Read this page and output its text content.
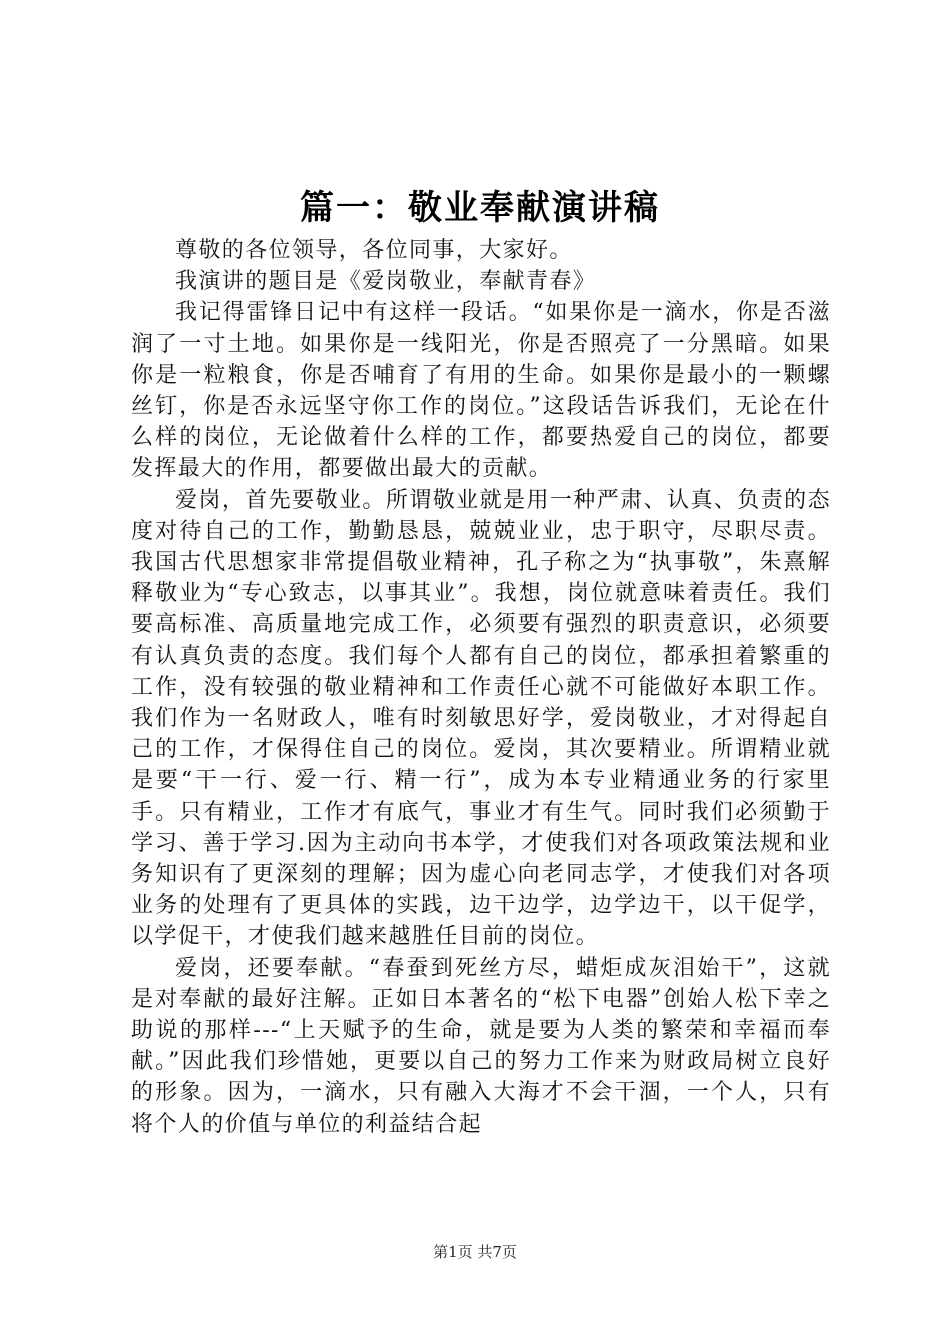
篇一：敬业奉献演讲稿

尊敬的各位领导，各位同事，大家好。

我演讲的题目是《爱岗敬业，奉献青春》

我记得雷锋日记中有这样一段话。“如果你是一滴水，你是否滋润了一寸土地。如果你是一线阳光，你是否照亮了一分黑暗。如果你是一粒粮食，你是否哺育了有用的生命。如果你是最小的一颗螺丝钉，你是否永远坚守你工作的岗位。”这段话告诉我们，无论在什么样的岗位，无论做着什么样的工作，都要热爱自己的岗位，都要发挥最大的作用，都要做出最大的贡献。

爱岗，首先要敬业。所谓敬业就是用一种严肃、认真、负责的态度对待自己的工作，勤勤恳恳，兢兢业业，忠于职守，尽职尽责。我国古代思想家非常提倡敬业精神，孔子称之为“执事敬”，朱熹解释敬业为“专心致志，以事其业”。我想，岗位就意味着责任。我们要高标准、高质量地完成工作，必须要有强烈的职责意识，必须要有认真负责的态度。我们每个人都有自己的岗位，都承担着繁重的工作，没有较强的敬业精神和工作责任心就不可能做好本职工作。我们作为一名财政人，唯有时刻敏思好学，爱岗敬业，才对得起自己的工作，才保得住自己的岗位。爱岗，其次要精业。所谓精业就是要“干一行、爱一行、精一行”，成为本专业精通业务的行家里手。只有精业，工作才有底气，事业才有生气。同时我们必须勤于学习、善于学习.因为主动向书本学，才使我们对各项政策法规和业务知识有了更深刻的理解；因为虚心向老同志学，才使我们对各项业务的处理有了更具体的实践，边干边学，边学边干，以干促学，以学促干，才使我们越来越胜任目前的岗位。

爱岗，还要奉献。“春蚕到死丝方尽，蜡炬成灰泪始干”，这就是对奉献的最好注解。正如日本著名的“松下电器”创始人松下幸之助说的那样---“上天赋予的生命，就是要为人类的繁荣和幸福而奉献。”因此我们珍惜她，更要以自己的努力工作来为财政局树立良好的形象。因为，一滴水，只有融入大海才不会干涸，一个人，只有将个人的价值与单位的利益结合起

第1页 共7页
